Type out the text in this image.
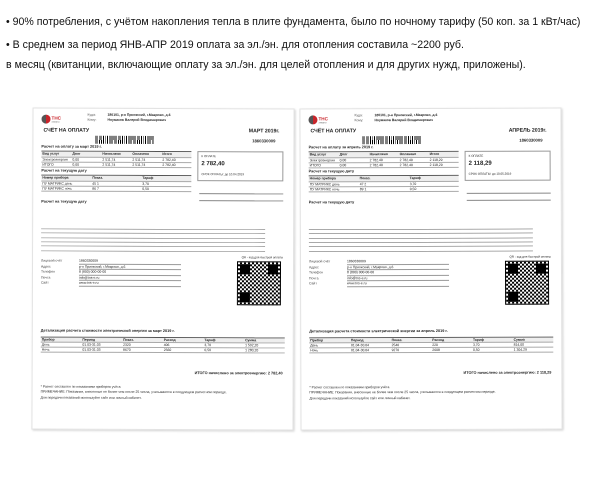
• 90% потребления, с учётом накопления тепла в плите фундамента, было по ночному тарифу (50 коп. за 1 кВт/час)

• В среднем за период ЯНВ-АПР 2019 оплата за эл./эн. для отопления составила ~2200 руб.

в месяц (квитанции, включающие оплату за эл./эн. для целей отопления и для других нужд, приложены).

ТНС
энерго
Куда:	180101, р-н Приокский, г.Макрово, д.6
Кому:	Ноумаков Валерий Владимирович
СЧЁТ НА ОПЛАТУ	МАРТ 2019г.
1860330009
Расчет на оплату за март 2019 г.
Вид услуг	Долг	Начислено	Оплачено	Итого
Электроэнергия	0,00	2 511,74	2 511,74	2 782,40
ИТОГО	0,00	2 511,74	2 511,74	2 782,40
К ОПЛАТЕ
2 782,40
СРОК ОПЛАТЫ: до 10.04.2019
Расчет на текущую дату
Номер прибора	Показ.	Тариф
ПУ МАТРИКС день	45 1	3,70
ПУ МАТРИКС ночь	86 7	0,50
Расчет на текущую дату
Лицевой счёт	1860330009
Адрес	р-н Приокский, г.Макрово, д.6
Телефон	8 (800) 000-00-00
Почта	info@tns-e.ru
Сайт	www.tns-e.ru
QR - код для быстрой оплаты
Детализация расчета стоимости электрической энергии за март 2019 г.
Прибор	Период	Показ.	Расход	Тариф	Сумма
День	01.03-31.03	2320	406	3,70	1 502,20
Ночь	01.03-31.03	8670	2560	0,50	1 280,20
ИТОГО начислено за электроэнергию: 2 782,40
* Расчет составлен по показаниям приборов учёта
ПРИМЕЧАНИЕ: Показания, внесенные не более чем после 25 числа, учитываются в следующем расчетном периоде.
Для передачи показаний используйте сайт или личный кабинет.
ТНС
энерго
Куда:	180101, р-н Приокский, г.Макрово, д.6
Кому:	Ноумаков Валерий Владимирович
СЧЁТ НА ОПЛАТУ	АПРЕЛЬ 2019г.
1860330009
Расчет на оплату за апрель 2019 г.
Вид услуг	Долг	Начислено	Оплачено	Итого
Электроэнергия	0,00	2 782,40	2 782,40	2 118,29
ИТОГО	0,00	2 782,40	2 782,40	2 118,29
К ОПЛАТЕ
2 118,29
СРОК ОПЛАТЫ: до 10.05.2019
Расчет на текущую дату
Номер прибора	Показ.	Тариф
ПУ МАТРИКС день	47 2	3,70
ПУ МАТРИКС ночь	89 1	0,50
Расчет на текущую дату
Лицевой счёт	1860330009
Адрес	р-н Приокский, г.Макрово, д.6
Телефон	8 (800) 000-00-00
Почта	info@tns-e.ru
Сайт	www.tns-e.ru
QR - код для быстрой оплаты
Детализация расчета стоимости электрической энергии за апрель 2019 г.
Прибор	Период	Показ.	Расход	Тариф	Сумма
День	01.04-30.04	2540	220	3,70	814,00
Ночь	01.04-30.04	9270	2608	0,50	1 304,29
ИТОГО начислено за электроэнергию: 2 118,29
* Расчет составлен по показаниям приборов учёта
ПРИМЕЧАНИЕ: Показания, внесенные не более чем после 25 числа, учитываются в следующем расчетном периоде.
Для передачи показаний используйте сайт или личный кабинет.
